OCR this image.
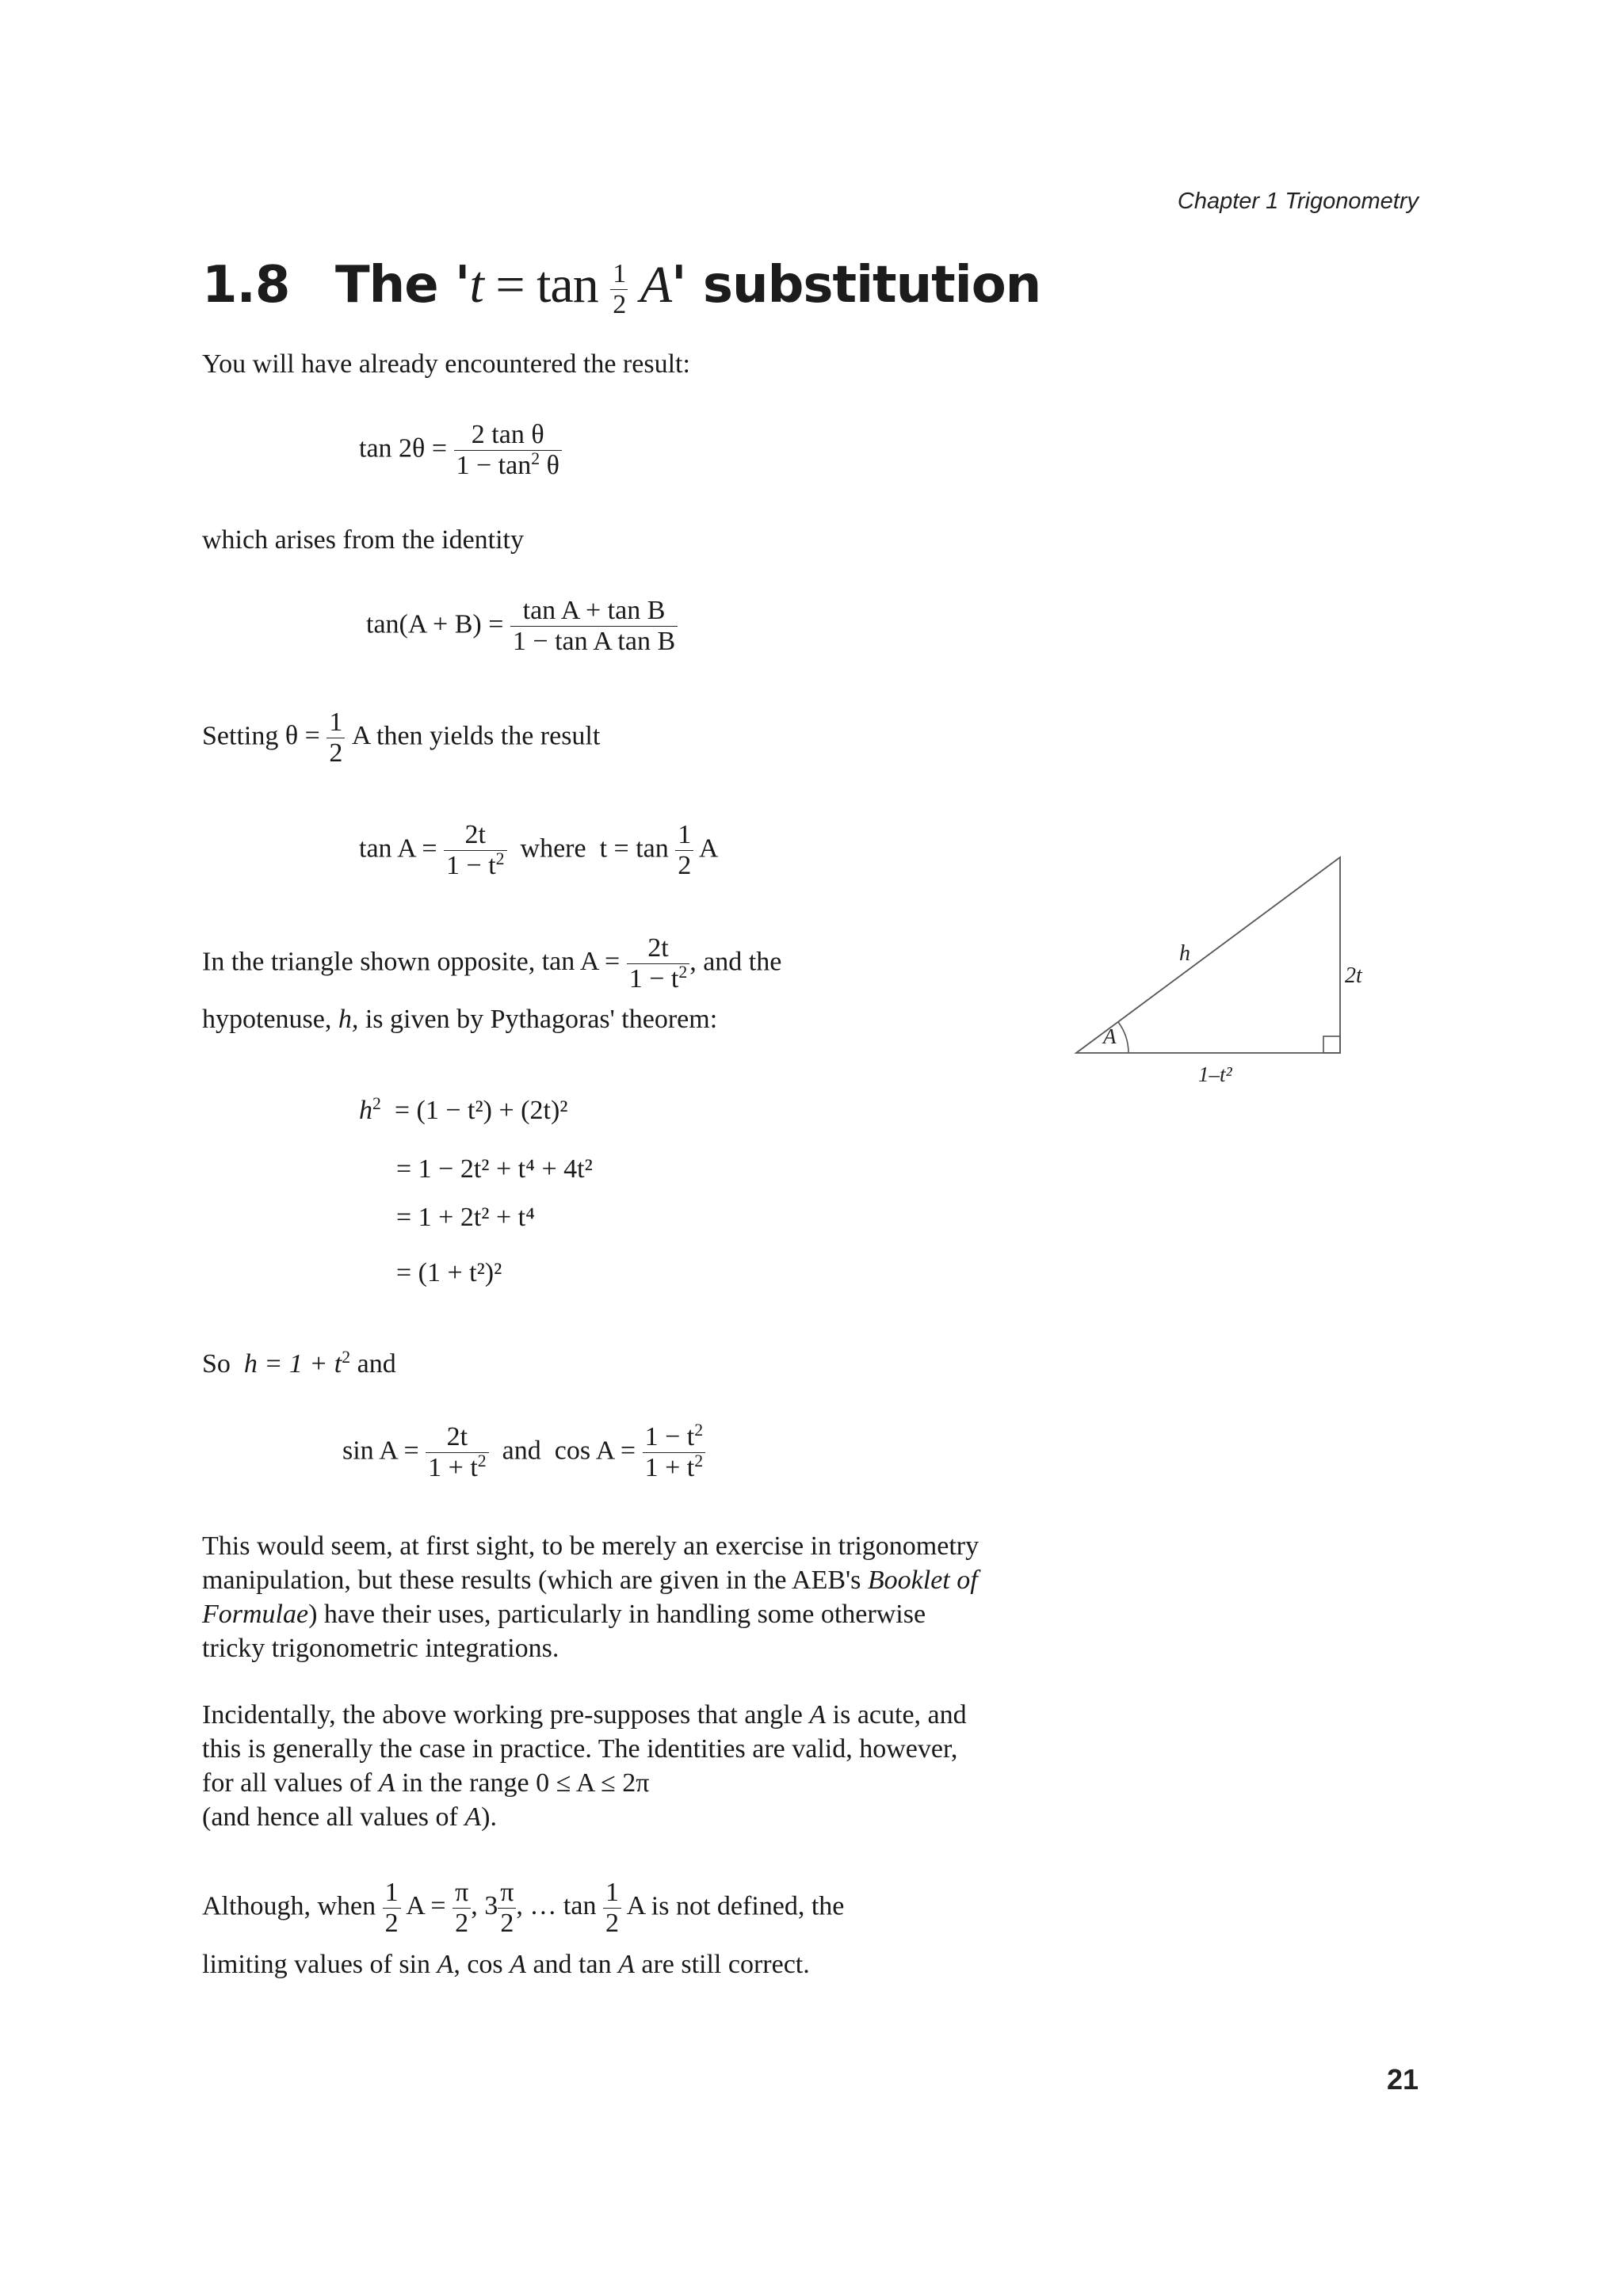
Chapter 1 Trigonometry
1.8 The '$t = \tan \frac{1}{2} A$' substitution
You will have already encountered the result:
$\tan 2\theta = \frac{\text{2 tan θ}}{1 - \tan^2 \theta}$
which arises from the identity
$\tan(A + B) = \frac{\text{tan A + tan B}}{\text{1 − tan A tan B}}$
Setting $\theta = \frac{1}{2}$ A then yields the result
$\tan A = \frac{2t}{1 - t^2}$ where $t = \tan \frac{1}{2}$ A
In the triangle shown opposite, $\tan A = \frac{2t}{1 - t^2}$ , and the
hypotenuse, h, is given by Pythagoras' theorem:
h
2t
1–t²
A
$h^2 = (1 - t^2) + (2t)^2$
= 1 − 2t² + t⁴ + 4t²
= 1 + 2t² + t⁴
= (1 + t²)²
So $h = 1 + t^2$ and
$\sin A = \frac{2t}{1 + t^2}$ and $\cos A = \frac{1 - t^2}{1 + t^2}$
This would seem, at first sight, to be merely an exercise in trigonometry manipulation, but these results (which are given in the AEB's Booklet of Formulae) have their uses, particularly in handling some otherwise tricky trigonometric integrations.
Incidentally, the above working pre-supposes that angle A is acute, and this is generally the case in practice. The identities are valid, however, for all values of A in the range 0 ≤ A ≤ 2π
(and hence all values of A).
Although, when $\frac{1}{2}$ $A = \frac{\pi}{2}$ , $3 \frac{\pi}{2}$ , … $\tan \frac{1}{2}$ A is not defined, the
limiting values of sin A, cos A and tan A are still correct.
21
